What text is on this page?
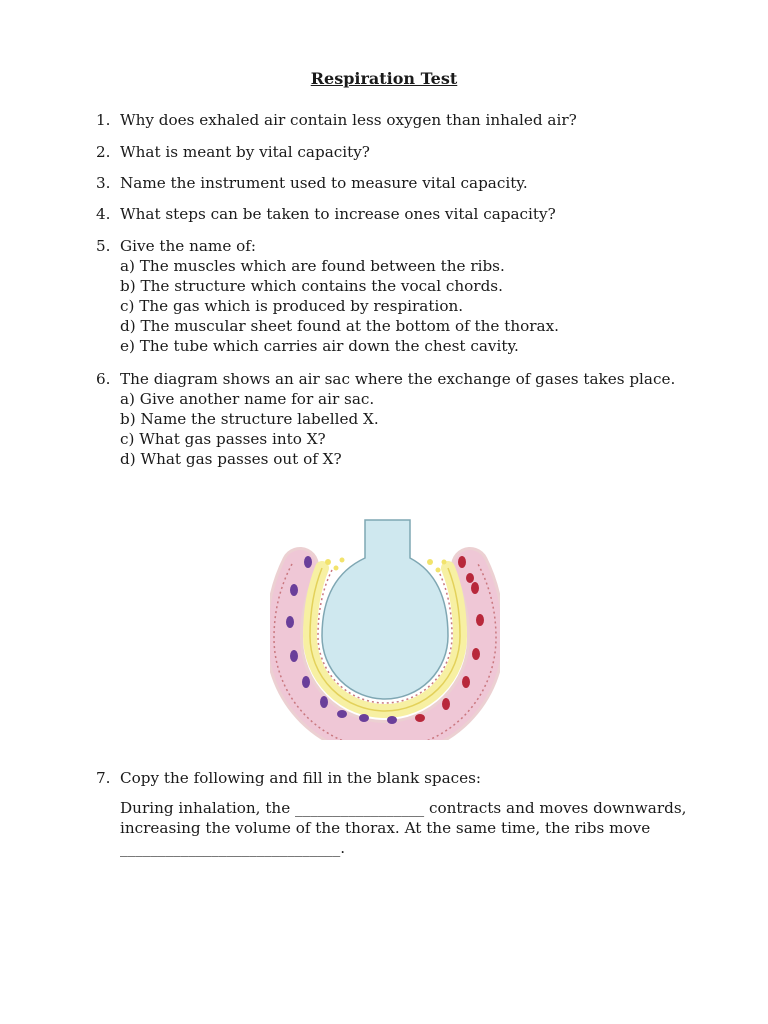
Respiration Test
1. Why does exhaled air contain less oxygen than inhaled air?
2. What is meant by vital capacity?
3. Name the instrument used to measure vital capacity.
4. What steps can be taken to increase ones vital capacity?
5. Give the name of:
a) The muscles which are found between the ribs.
b) The structure which contains the vocal chords.
c) The gas which is produced by respiration.
d) The muscular sheet found at the bottom of the thorax.
e) The tube which carries air down the chest cavity.
6. The diagram shows an air sac where the exchange of gases takes place.
a) Give another name for air sac.
b) Name the structure labelled X.
c) What gas passes into X?
d) What gas passes out of X?
7. Copy the following and fill in the blank spaces:
During inhalation, the _________________ contracts and moves downwards, increasing the volume of the thorax. At the same time, the ribs move _____________________________.
